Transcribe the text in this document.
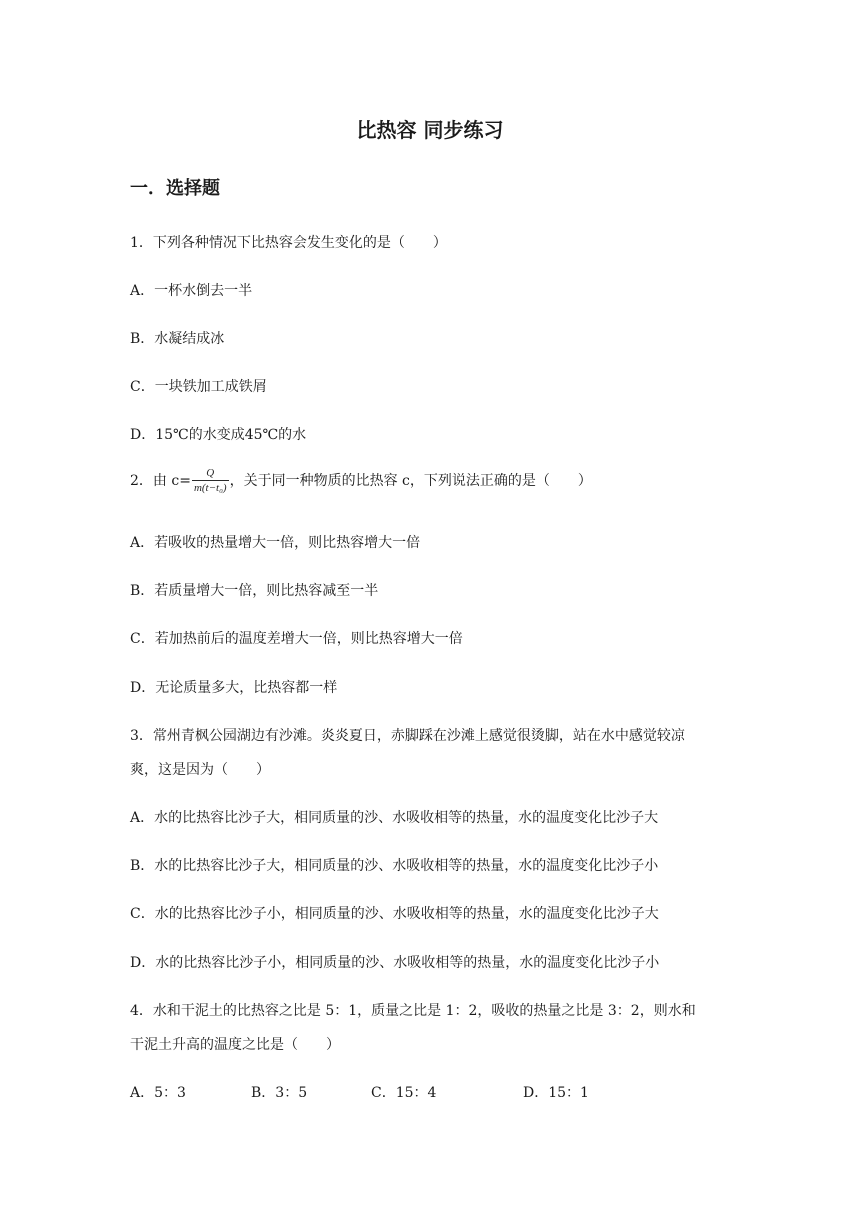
比热容 同步练习
一．选择题
1．下列各种情况下比热容会发生变化的是（　　）
A．一杯水倒去一半
B．水凝结成冰
C．一块铁加工成铁屑
D．15℃的水变成45℃的水
2．由 $c= \frac{Q}{\text{m(t−t₀)}}$ ，关于同一种物质的比热容 c，下列说法正确的是（　　）
A．若吸收的热量增大一倍，则比热容增大一倍
B．若质量增大一倍，则比热容减至一半
C．若加热前后的温度差增大一倍，则比热容增大一倍
D．无论质量多大，比热容都一样
3．常州青枫公园湖边有沙滩。炎炎夏日，赤脚踩在沙滩上感觉很烫脚，站在水中感觉较凉
爽，这是因为（　　）
A．水的比热容比沙子大，相同质量的沙、水吸收相等的热量，水的温度变化比沙子大
B．水的比热容比沙子大，相同质量的沙、水吸收相等的热量，水的温度变化比沙子小
C．水的比热容比沙子小，相同质量的沙、水吸收相等的热量，水的温度变化比沙子大
D．水的比热容比沙子小，相同质量的沙、水吸收相等的热量，水的温度变化比沙子小
4．水和干泥土的比热容之比是 5：1，质量之比是 1：2，吸收的热量之比是 3：2，则水和
干泥土升高的温度之比是（　　）
A．5：3	B．3：5	C．15：4	D．15：1
